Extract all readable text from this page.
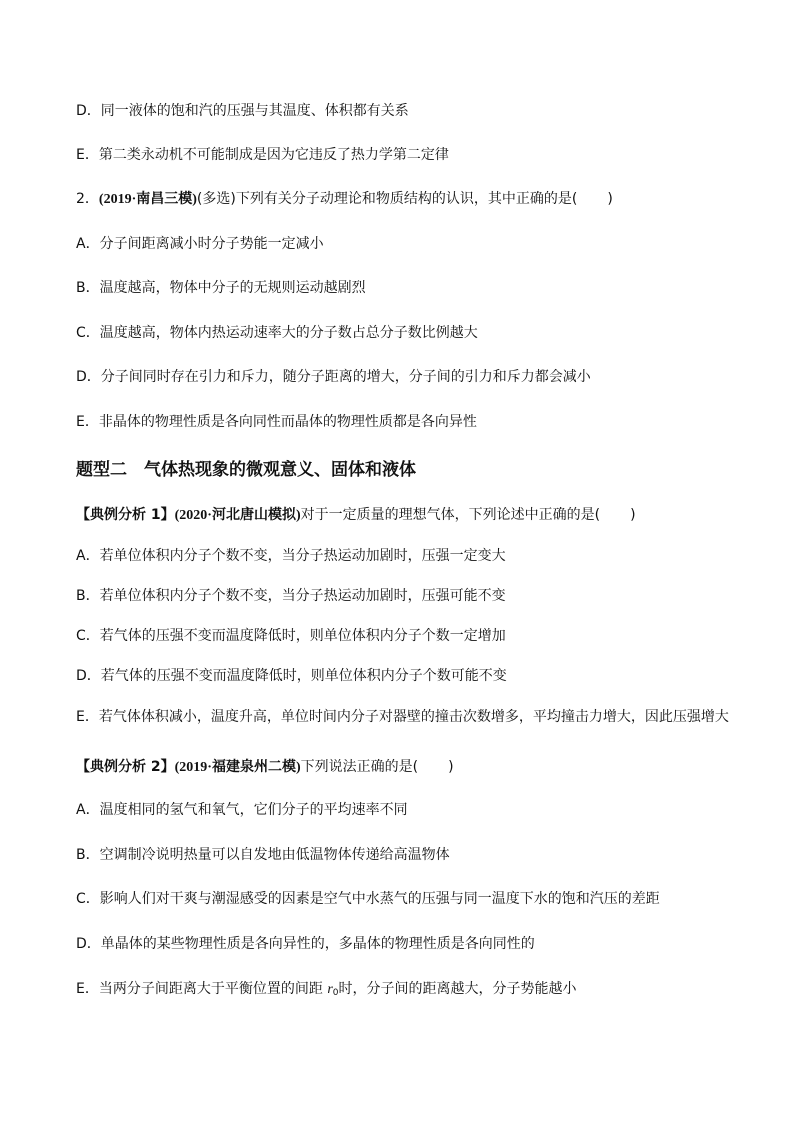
D．同一液体的饱和汽的压强与其温度、体积都有关系
E．第二类永动机不可能制成是因为它违反了热力学第二定律
2．(2019·南昌三模)(多选)下列有关分子动理论和物质结构的认识，其中正确的是( )
A．分子间距离减小时分子势能一定减小
B．温度越高，物体中分子的无规则运动越剧烈
C．温度越高，物体内热运动速率大的分子数占总分子数比例越大
D．分子间同时存在引力和斥力，随分子距离的增大，分子间的引力和斥力都会减小
E．非晶体的物理性质是各向同性而晶体的物理性质都是各向异性
题型二　气体热现象的微观意义、固体和液体
【典例分析 1】(2020·河北唐山模拟)对于一定质量的理想气体，下列论述中正确的是( )
A．若单位体积内分子个数不变，当分子热运动加剧时，压强一定变大
B．若单位体积内分子个数不变，当分子热运动加剧时，压强可能不变
C．若气体的压强不变而温度降低时，则单位体积内分子个数一定增加
D．若气体的压强不变而温度降低时，则单位体积内分子个数可能不变
E．若气体体积减小，温度升高，单位时间内分子对器壁的撞击次数增多，平均撞击力增大，因此压强增大
【典例分析 2】(2019·福建泉州二模)下列说法正确的是( )
A．温度相同的氢气和氧气，它们分子的平均速率不同
B．空调制冷说明热量可以自发地由低温物体传递给高温物体
C．影响人们对干爽与潮湿感受的因素是空气中水蒸气的压强与同一温度下水的饱和汽压的差距
D．单晶体的某些物理性质是各向异性的，多晶体的物理性质是各向同性的
E．当两分子间距离大于平衡位置的间距 $r_0$时，分子间的距离越大，分子势能越小
